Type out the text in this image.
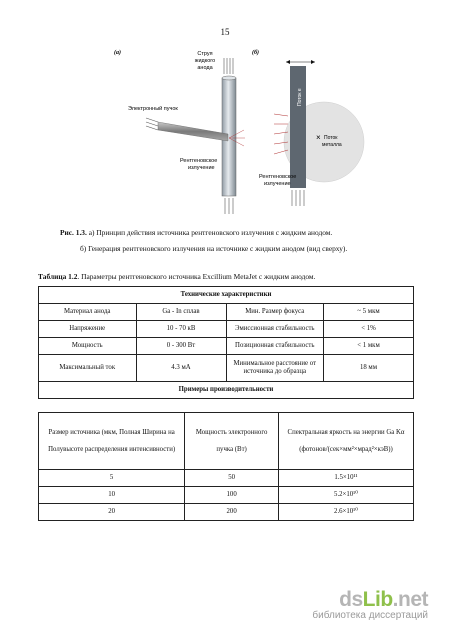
15
(а)	Струя
жидкого
анода
Электронный пучок
Рентгеновское
излучение
(б)
Поток e
× Поток
металла
Рентгеновское
излучение
Рис. 1.3. а) Принцип действия источника рентгеновского излучения с жидким анодом.
б) Генерация рентгеновского излучения на источнике с жидким анодом (вид сверху).
Таблица 1.2. Параметры рентгеновского источника Excillium MetaJet с жидким анодом.
Технические характеристики			
Материал анода	Ga - In сплав	Мин. Размер фокуса	~ 5 мкм
Напряжение	10 - 70 кВ	Эмиссионная стабильность	< 1%
Мощность	0 - 300 Вт	Позиционная стабильность	< 1 мкм
Максимальный ток	4.3 мА	Минимальное расстояние от источника до образца	18 мм
Примеры производительности			
Размер источника (мкм, Полная Ширина на Полувысоте распределения интенсивности)	Мощность электронного пучка (Вт)	Спектральная яркость на энергии Ga Kα (фотонов/(сек×мм²×мрад²×кэВ))
5	50	1.5×10¹¹
10	100	5.2×10¹⁰
20	200	2.6×10¹⁰
dsLib.net
библиотека диссертаций
